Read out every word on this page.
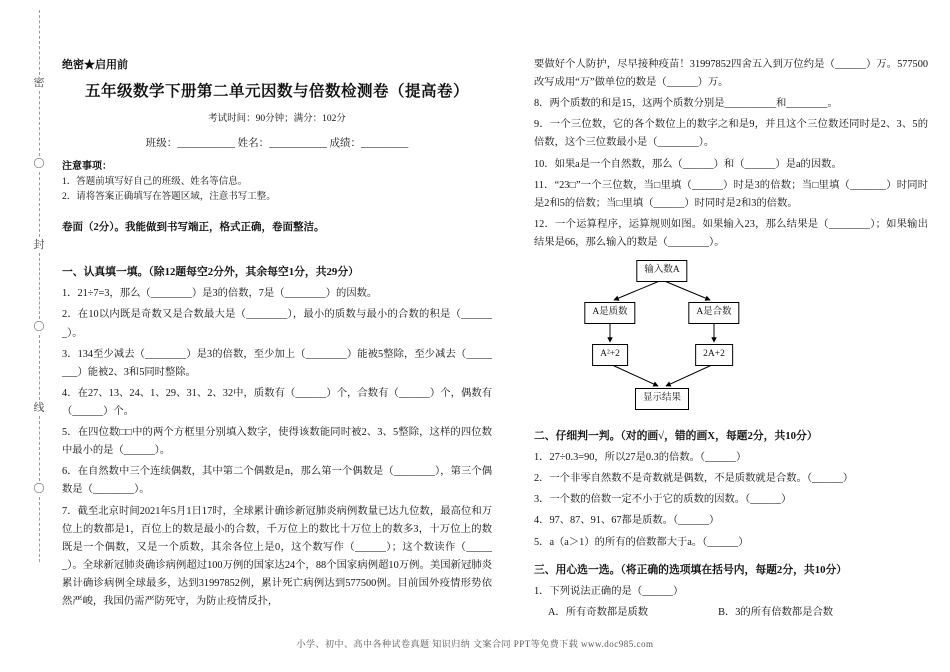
密
〇
封
〇
线
〇
绝密★启用前
五年级数学下册第二单元因数与倍数检测卷（提高卷）
考试时间：90分钟；满分：102分
班级：___________ 姓名：___________ 成绩：_________
注意事项：
1．答题前填写好自己的班级、姓名等信息。
2．请将答案正确填写在答题区域，注意书写工整。
卷面（2分）。我能做到书写端正，格式正确，卷面整洁。
一、认真填一填。（除12题每空2分外，其余每空1分，共29分）

1．21÷7=3，那么（________）是3的倍数，7是（________）的因数。

2．在10以内既是奇数又是合数最大是（________），最小的质数与最小的合数的积是（_______）。

3．134至少减去（________）是3的倍数，至少加上（________）能被5整除，至少减去（________）能被2、3和5同时整除。

4．在27、13、24、1、29、31、2、32中，质数有（______）个，合数有（______）个，偶数有（______）个。

5．在四位数□□中的两个方框里分别填入数字，使得该数能同时被2、3、5整除，这样的四位数中最小的是（______）。

6．在自然数中三个连续偶数，其中第二个偶数是n，那么第一个偶数是（________），第三个偶数是（________）。

7．截至北京时间2021年5月1日17时，全球累计确诊新冠肺炎病例数量已达九位数，最高位和万位上的数都是1，百位上的数是最小的合数，千万位上的数比十万位上的数多3，十万位上的数既是一个偶数，又是一个质数，其余各位上是0，这个数写作（______）；这个数读作（______）。全球新冠肺炎确诊病例超过100万例的国家达24个，88个国家病例超10万例。美国新冠肺炎累计确诊病例全球最多，达到31997852例，累计死亡病例达到577500例。目前国外疫情形势依然严峻，我国仍需严防死守，为防止疫情反扑，

要做好个人防护，尽早接种疫苗！31997852四舍五入到万位约是（______）万。577500改写成用“万”做单位的数是（______）万。

8．两个质数的和是15，这两个质数分别是__________和________。

9．一个三位数，它的各个数位上的数字之和是9，并且这个三位数还同时是2、3、5的倍数，这个三位数最小是（________）。

10．如果a是一个自然数，那么（______）和（______）是a的因数。

11．“23□”一个三位数，当□里填（______）时是3的倍数；当□里填（_______）时同时是2和5的倍数；当□里填（______）时同时是2和3的倍数。

12．一个运算程序，运算规则如图。如果输入23，那么结果是（________）；如果输出结果是66，那么输入的数是（________）。

输入数A
A是质数	A是合数
A²+2	2A+2
显示结果
二、仔细判一判。（对的画√，错的画X，每题2分，共10分）

1．27÷0.3=90，所以27是0.3的倍数。（______）

2．一个非零自然数不是奇数就是偶数，不是质数就是合数。（______）

3．一个数的倍数一定不小于它的质数的因数。（______）

4．97、87、91、67都是质数。（______）

5．a（a＞1）的所有的倍数都大于a。（______）

三、用心选一选。（将正确的选项填在括号内，每题2分，共10分）

1．下列说法正确的是（______）

A．所有奇数都是质数	B．3的所有倍数都是合数
小学、初中、高中各种试卷真题 知识归纳 文案合同 PPT等免费下载 www.doc985.com
